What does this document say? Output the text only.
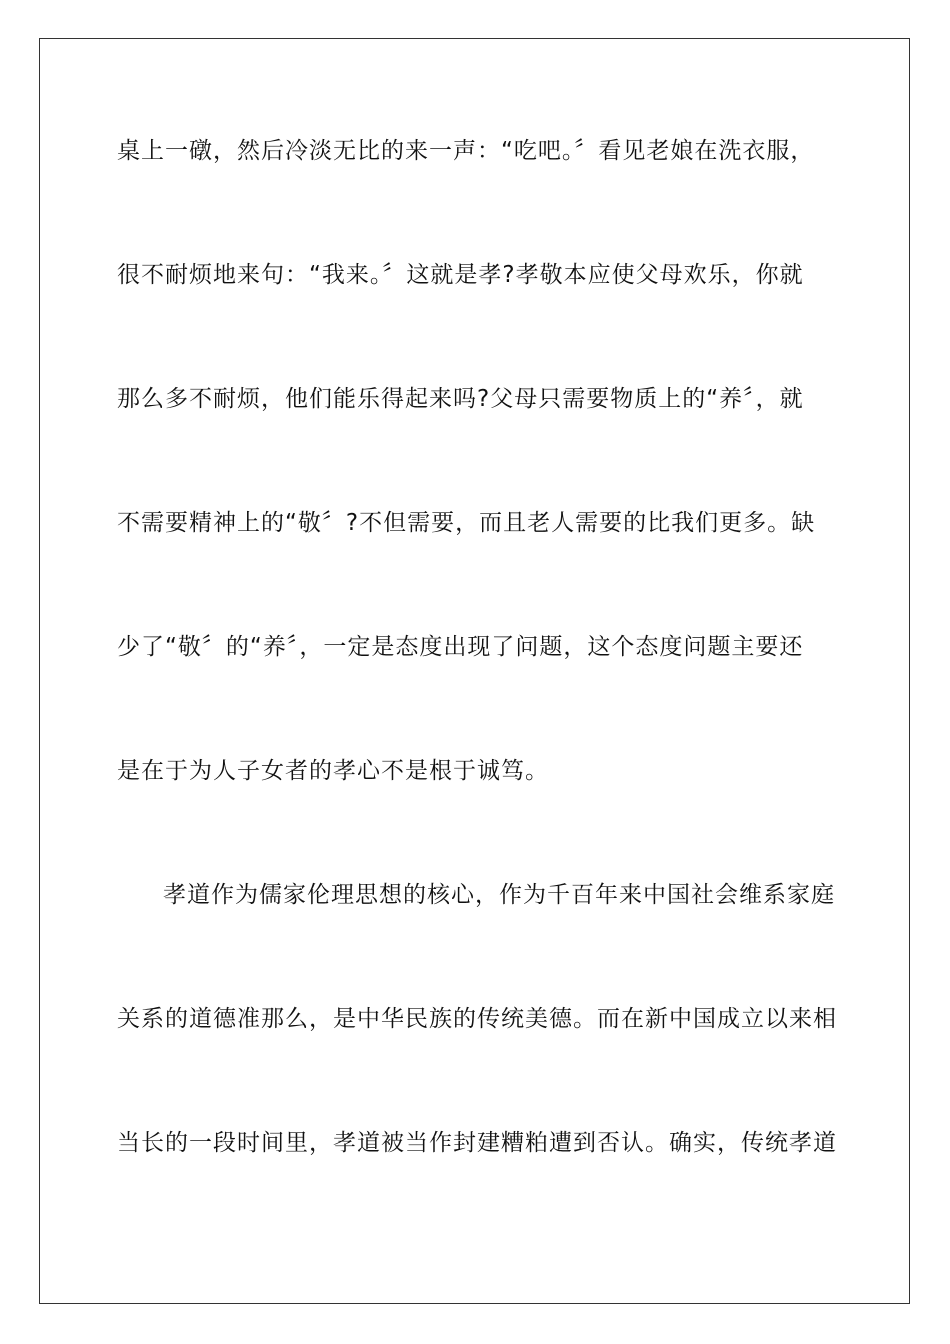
桌上一礅，然后冷淡无比的来一声：“吃吧。〞看见老娘在洗衣服，
很不耐烦地来句：“我来。〞这就是孝?孝敬本应使父母欢乐，你就
那么多不耐烦，他们能乐得起来吗?父母只需要物质上的“养〞，就
不需要精神上的“敬〞?不但需要，而且老人需要的比我们更多。缺
少了“敬〞的“养〞，一定是态度出现了问题，这个态度问题主要还
是在于为人子女者的孝心不是根于诚笃。
孝道作为儒家伦理思想的核心，作为千百年来中国社会维系家庭
关系的道德准那么，是中华民族的传统美德。而在新中国成立以来相
当长的一段时间里，孝道被当作封建糟粕遭到否认。确实，传统孝道
